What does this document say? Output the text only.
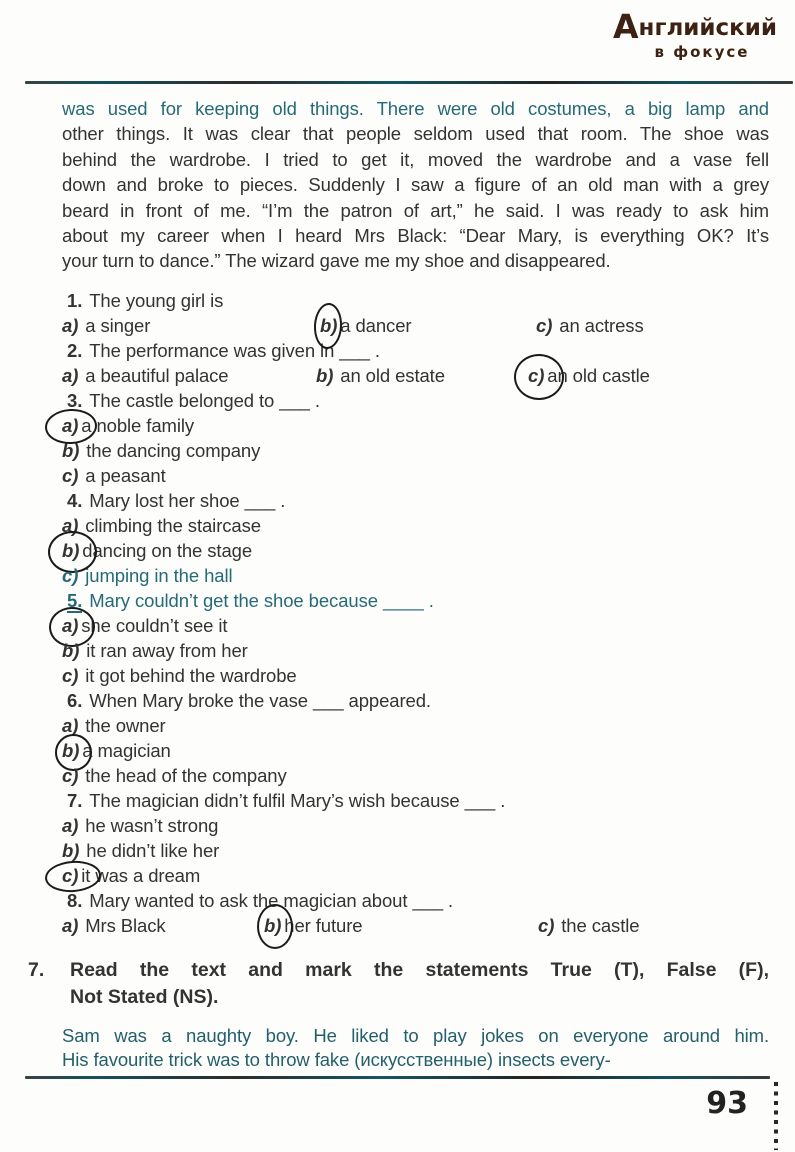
Английский
в фокусе
was used for keeping old things. There were old costumes, a big lamp and
other things. It was clear that people seldom used that room. The shoe was
behind the wardrobe. I tried to get it, moved the wardrobe and a vase fell
down and broke to pieces. Suddenly I saw a figure of an old man with a grey
beard in front of me. “I’m the patron of art,” he said. I was ready to ask him
about my career when I heard Mrs Black: “Dear Mary, is everything OK? It’s
your turn to dance.” The wizard gave me my shoe and disappeared.
1. The young girl is
a) a singer	b) a dancer	c) an actress
2. The performance was given in ___ .
a) a beautiful palace	b) an old estate	c) an old castle
3. The castle belonged to ___ .
a) a noble family
b) the dancing company
c) a peasant
4. Mary lost her shoe ___ .
a) climbing the staircase
b) dancing on the stage
c) jumping in the hall
5. Mary couldn’t get the shoe because ____ .
a) she couldn’t see it
b) it ran away from her
c) it got behind the wardrobe
6. When Mary broke the vase ___ appeared.
a) the owner
b) a magician
c) the head of the company
7. The magician didn’t fulfil Mary’s wish because ___ .
a) he wasn’t strong
b) he didn’t like her
c) it was a dream
8. Mary wanted to ask the magician about ___ .
a) Mrs Black	b) her future	c) the castle
7.	Read the text and mark the statements True (T), False (F),
Not Stated (NS).
Sam was a naughty boy. He liked to play jokes on everyone around him.
His favourite trick was to throw fake (искусственные) insects every-
93
